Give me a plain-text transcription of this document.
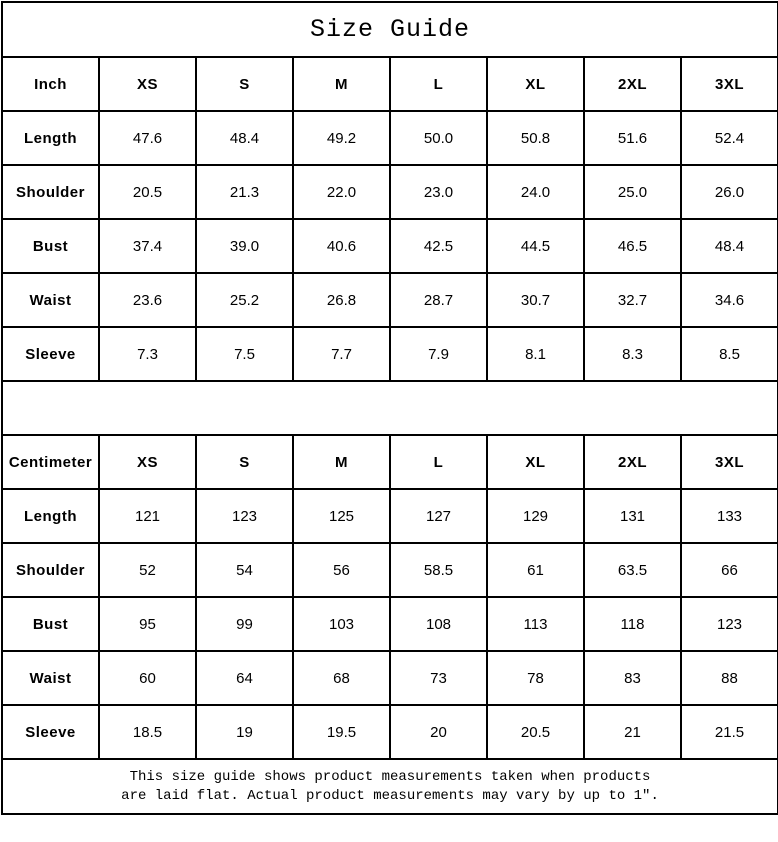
Size Guide							
Inch	XS	S	M	L	XL	2XL	3XL
Length	47.6	48.4	49.2	50.0	50.8	51.6	52.4
Shoulder	20.5	21.3	22.0	23.0	24.0	25.0	26.0
Bust	37.4	39.0	40.6	42.5	44.5	46.5	48.4
Waist	23.6	25.2	26.8	28.7	30.7	32.7	34.6
Sleeve	7.3	7.5	7.7	7.9	8.1	8.3	8.5

Centimeter	XS	S	M	L	XL	2XL	3XL
Length	121	123	125	127	129	131	133
Shoulder	52	54	56	58.5	61	63.5	66
Bust	95	99	103	108	113	118	123
Waist	60	64	68	73	78	83	88
Sleeve	18.5	19	19.5	20	20.5	21	21.5

This size guide shows product measurements taken when products
are laid flat. Actual product measurements may vary by up to 1″.							
